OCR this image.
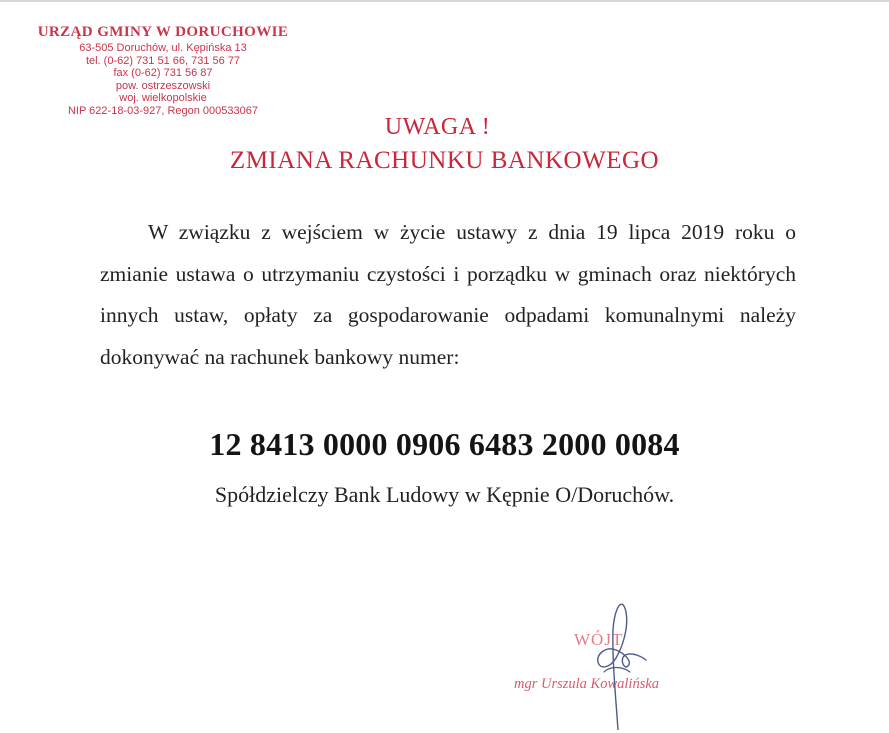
URZĄD GMINY W DORUCHOWIE
63-505 Doruchów, ul. Kępińska 13
tel. (0-62) 731 51 66, 731 56 77
fax (0-62) 731 56 87
pow. ostrzeszowski
woj. wielkopolskie
NIP 622-18-03-927, Regon 000533067
UWAGA !
ZMIANA RACHUNKU BANKOWEGO

W związku z wejściem w życie ustawy z dnia 19 lipca 2019 roku o zmianie ustawa o utrzymaniu czystości i porządku w gminach oraz niektórych innych ustaw, opłaty za gospodarowanie odpadami komunalnymi należy dokonywać na rachunek bankowy numer:

12 8413 0000 0906 6483 2000 0084
Spółdzielczy Bank Ludowy w Kępnie O/Doruchów.
WÓJT
mgr Urszula Kowalińska
